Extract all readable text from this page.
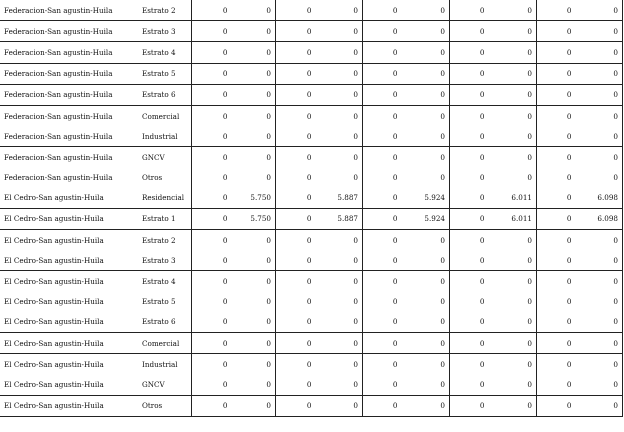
Federacion-San agustin-Huila	Estrato 2	0	0	0	0	0	0	0	0	0	0
Federacion-San agustin-Huila	Estrato 3	0	0	0	0	0	0	0	0	0	0
Federacion-San agustin-Huila	Estrato 4	0	0	0	0	0	0	0	0	0	0
Federacion-San agustin-Huila	Estrato 5	0	0	0	0	0	0	0	0	0	0
Federacion-San agustin-Huila	Estrato 6	0	0	0	0	0	0	0	0	0	0
Federacion-San agustin-Huila	Comercial	0	0	0	0	0	0	0	0	0	0
Federacion-San agustin-Huila	Industrial	0	0	0	0	0	0	0	0	0	0
Federacion-San agustin-Huila	GNCV	0	0	0	0	0	0	0	0	0	0
Federacion-San agustin-Huila	Otros	0	0	0	0	0	0	0	0	0	0
El Cedro-San agustin-Huila	Residencial	0	5.750	0	5.887	0	5.924	0	6.011	0	6.098
El Cedro-San agustin-Huila	Estrato 1	0	5.750	0	5.887	0	5.924	0	6.011	0	6.098
El Cedro-San agustin-Huila	Estrato 2	0	0	0	0	0	0	0	0	0	0
El Cedro-San agustin-Huila	Estrato 3	0	0	0	0	0	0	0	0	0	0
El Cedro-San agustin-Huila	Estrato 4	0	0	0	0	0	0	0	0	0	0
El Cedro-San agustin-Huila	Estrato 5	0	0	0	0	0	0	0	0	0	0
El Cedro-San agustin-Huila	Estrato 6	0	0	0	0	0	0	0	0	0	0
El Cedro-San agustin-Huila	Comercial	0	0	0	0	0	0	0	0	0	0
El Cedro-San agustin-Huila	Industrial	0	0	0	0	0	0	0	0	0	0
El Cedro-San agustin-Huila	GNCV	0	0	0	0	0	0	0	0	0	0
El Cedro-San agustin-Huila	Otros	0	0	0	0	0	0	0	0	0	0
